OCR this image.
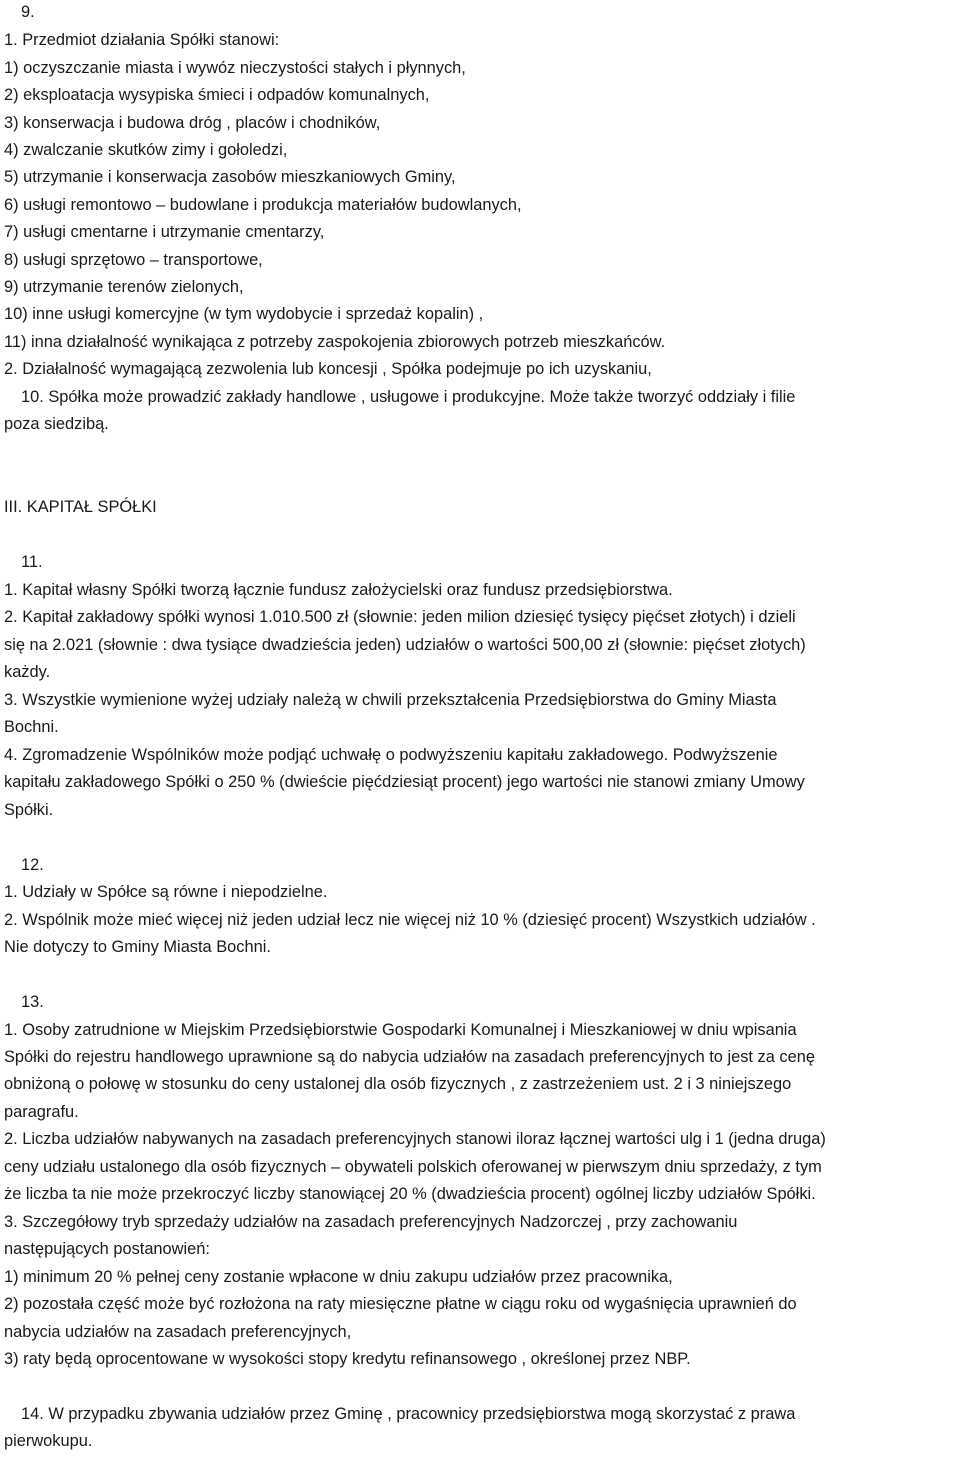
9.
1. Przedmiot działania Spółki stanowi:
1) oczyszczanie miasta i wywóz nieczystości stałych i płynnych,
2) eksploatacja wysypiska śmieci i odpadów komunalnych,
3) konserwacja i budowa dróg , placów i chodników,
4) zwalczanie skutków zimy i gołoledzi,
5) utrzymanie i konserwacja zasobów mieszkaniowych Gminy,
6) usługi remontowo – budowlane i produkcja materiałów budowlanych,
7) usługi cmentarne i utrzymanie cmentarzy,
8) usługi sprzętowo – transportowe,
9) utrzymanie terenów zielonych,
10) inne usługi komercyjne (w tym wydobycie i sprzedaż kopalin) ,
11) inna działalność wynikająca z potrzeby zaspokojenia zbiorowych potrzeb mieszkańców.
2. Działalność wymagającą zezwolenia lub koncesji , Spółka podejmuje po ich uzyskaniu,
10. Spółka może prowadzić zakłady handlowe , usługowe i produkcyjne. Może także tworzyć oddziały i filie
poza siedzibą.
III. KAPITAŁ SPÓŁKI
11.
1. Kapitał własny Spółki tworzą łącznie fundusz założycielski oraz fundusz przedsiębiorstwa.
2. Kapitał zakładowy spółki wynosi 1.010.500 zł (słownie: jeden milion dziesięć tysięcy pięćset złotych) i dzieli
się na 2.021 (słownie : dwa tysiące dwadzieścia jeden) udziałów o wartości 500,00 zł (słownie: pięćset złotych)
każdy.
3. Wszystkie wymienione wyżej udziały należą w chwili przekształcenia Przedsiębiorstwa do Gminy Miasta
Bochni.
4. Zgromadzenie Wspólników może podjąć uchwałę o podwyższeniu kapitału zakładowego. Podwyższenie
kapitału zakładowego Spółki o 250 % (dwieście pięćdziesiąt procent) jego wartości nie stanowi zmiany Umowy
Spółki.
12.
1. Udziały w Spółce są równe i niepodzielne.
2. Wspólnik może mieć więcej niż jeden udział lecz nie więcej niż 10 % (dziesięć procent) Wszystkich udziałów .
Nie dotyczy to Gminy Miasta Bochni.
13.
1. Osoby zatrudnione w Miejskim Przedsiębiorstwie Gospodarki Komunalnej i Mieszkaniowej w dniu wpisania
Spółki do rejestru handlowego uprawnione są do nabycia udziałów na zasadach preferencyjnych to jest za cenę
obniżoną o połowę w stosunku do ceny ustalonej dla osób fizycznych , z zastrzeżeniem ust. 2 i 3 niniejszego
paragrafu.
2. Liczba udziałów nabywanych na zasadach preferencyjnych stanowi iloraz łącznej wartości ulg i 1 (jedna druga)
ceny udziału ustalonego dla osób fizycznych – obywateli polskich oferowanej w pierwszym dniu sprzedaży, z tym
że liczba ta nie może przekroczyć liczby stanowiącej 20 % (dwadzieścia procent) ogólnej liczby udziałów Spółki.
3. Szczegółowy tryb sprzedaży udziałów na zasadach preferencyjnych Nadzorczej , przy zachowaniu
następujących postanowień:
1) minimum 20 % pełnej ceny zostanie wpłacone w dniu zakupu udziałów przez pracownika,
2) pozostała część może być rozłożona na raty miesięczne płatne w ciągu roku od wygaśnięcia uprawnień do
nabycia udziałów na zasadach preferencyjnych,
3) raty będą oprocentowane w wysokości stopy kredytu refinansowego , określonej przez NBP.
14. W przypadku zbywania udziałów przez Gminę , pracownicy przedsiębiorstwa mogą skorzystać z prawa
pierwokupu.
